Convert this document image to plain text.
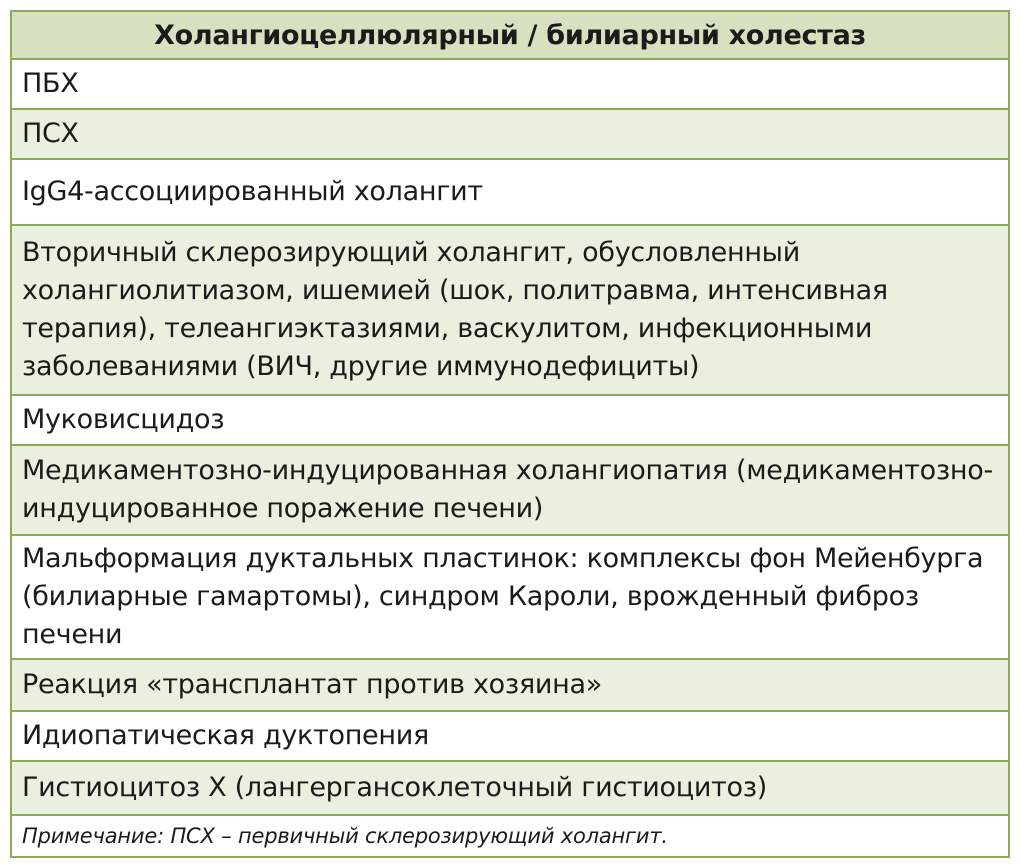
Холангиоцеллюлярный / билиарный холестаз
ПБХ
ПСХ
IgG4-ассоциированный холангит
Вторичный склерозирующий холангит, обусловленный холангиолитиазом, ишемией (шок, политравма, интенсивная терапия), телеангиэктазиями, васкулитом, инфекционными заболеваниями (ВИЧ, другие иммунодефициты)
Муковисцидоз
Медикаментозно-индуцированная холангиопатия (медикаментозно-индуцированное поражение печени)
Мальформация дуктальных пластинок: комплексы фон Мейенбурга (билиарные гамартомы), синдром Кароли, врожденный фиброз печени
Реакция «трансплантат против хозяина»
Идиопатическая дуктопения
Гистиоцитоз Х (лангергансоклеточный гистиоцитоз)
Примечание: ПСХ – первичный склерозирующий холангит.
